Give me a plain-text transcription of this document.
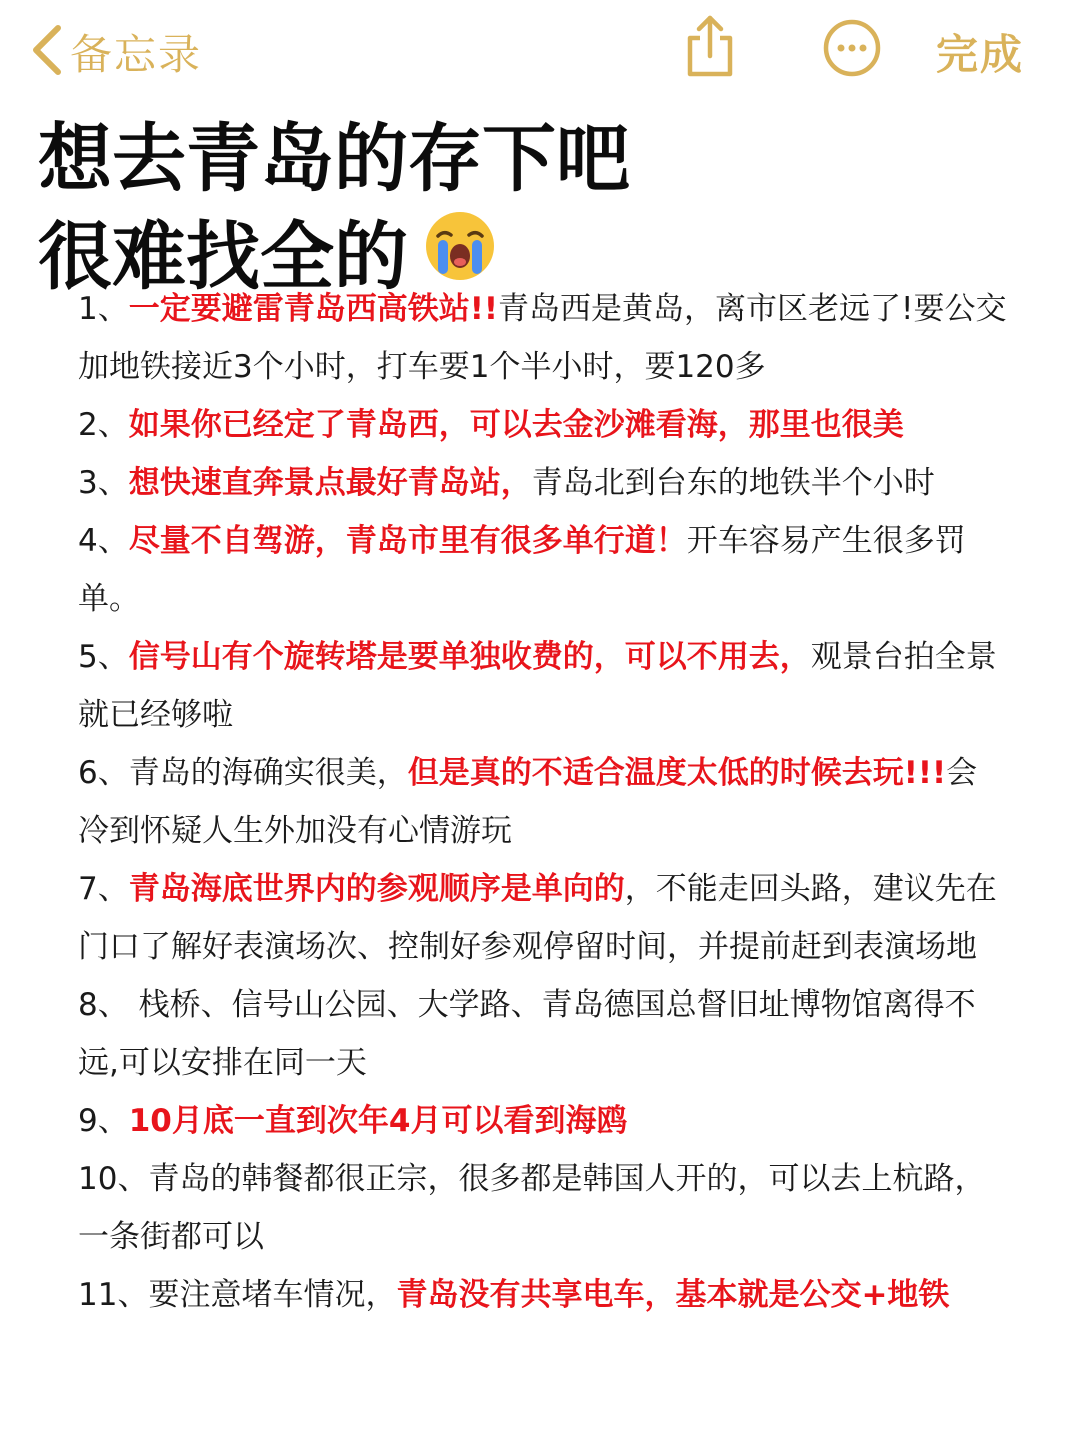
备忘录	完成
想去青岛的存下吧
很难找全的

1、一定要避雷青岛西高铁站!!青岛西是黄岛，离市区老远了!要公交加地铁接近3个小时，打车要1个半小时，要120多

2、如果你已经定了青岛西，可以去金沙滩看海，那里也很美

3、想快速直奔景点最好青岛站，青岛北到台东的地铁半个小时

4、尽量不自驾游，青岛市里有很多单行道！开车容易产生很多罚单。

5、信号山有个旋转塔是要单独收费的，可以不用去，观景台拍全景就已经够啦

6、青岛的海确实很美，但是真的不适合温度太低的时候去玩!!!会冷到怀疑人生外加没有心情游玩

7、青岛海底世界内的参观顺序是单向的，不能走回头路，建议先在门口了解好表演场次、控制好参观停留时间，并提前赶到表演场地

8、 栈桥、信号山公园、大学路、青岛德国总督旧址博物馆离得不远,可以安排在同一天

9、10月底一直到次年4月可以看到海鸥

10、青岛的韩餐都很正宗，很多都是韩国人开的，可以去上杭路，一条街都可以

11、要注意堵车情况，青岛没有共享电车，基本就是公交+地铁
